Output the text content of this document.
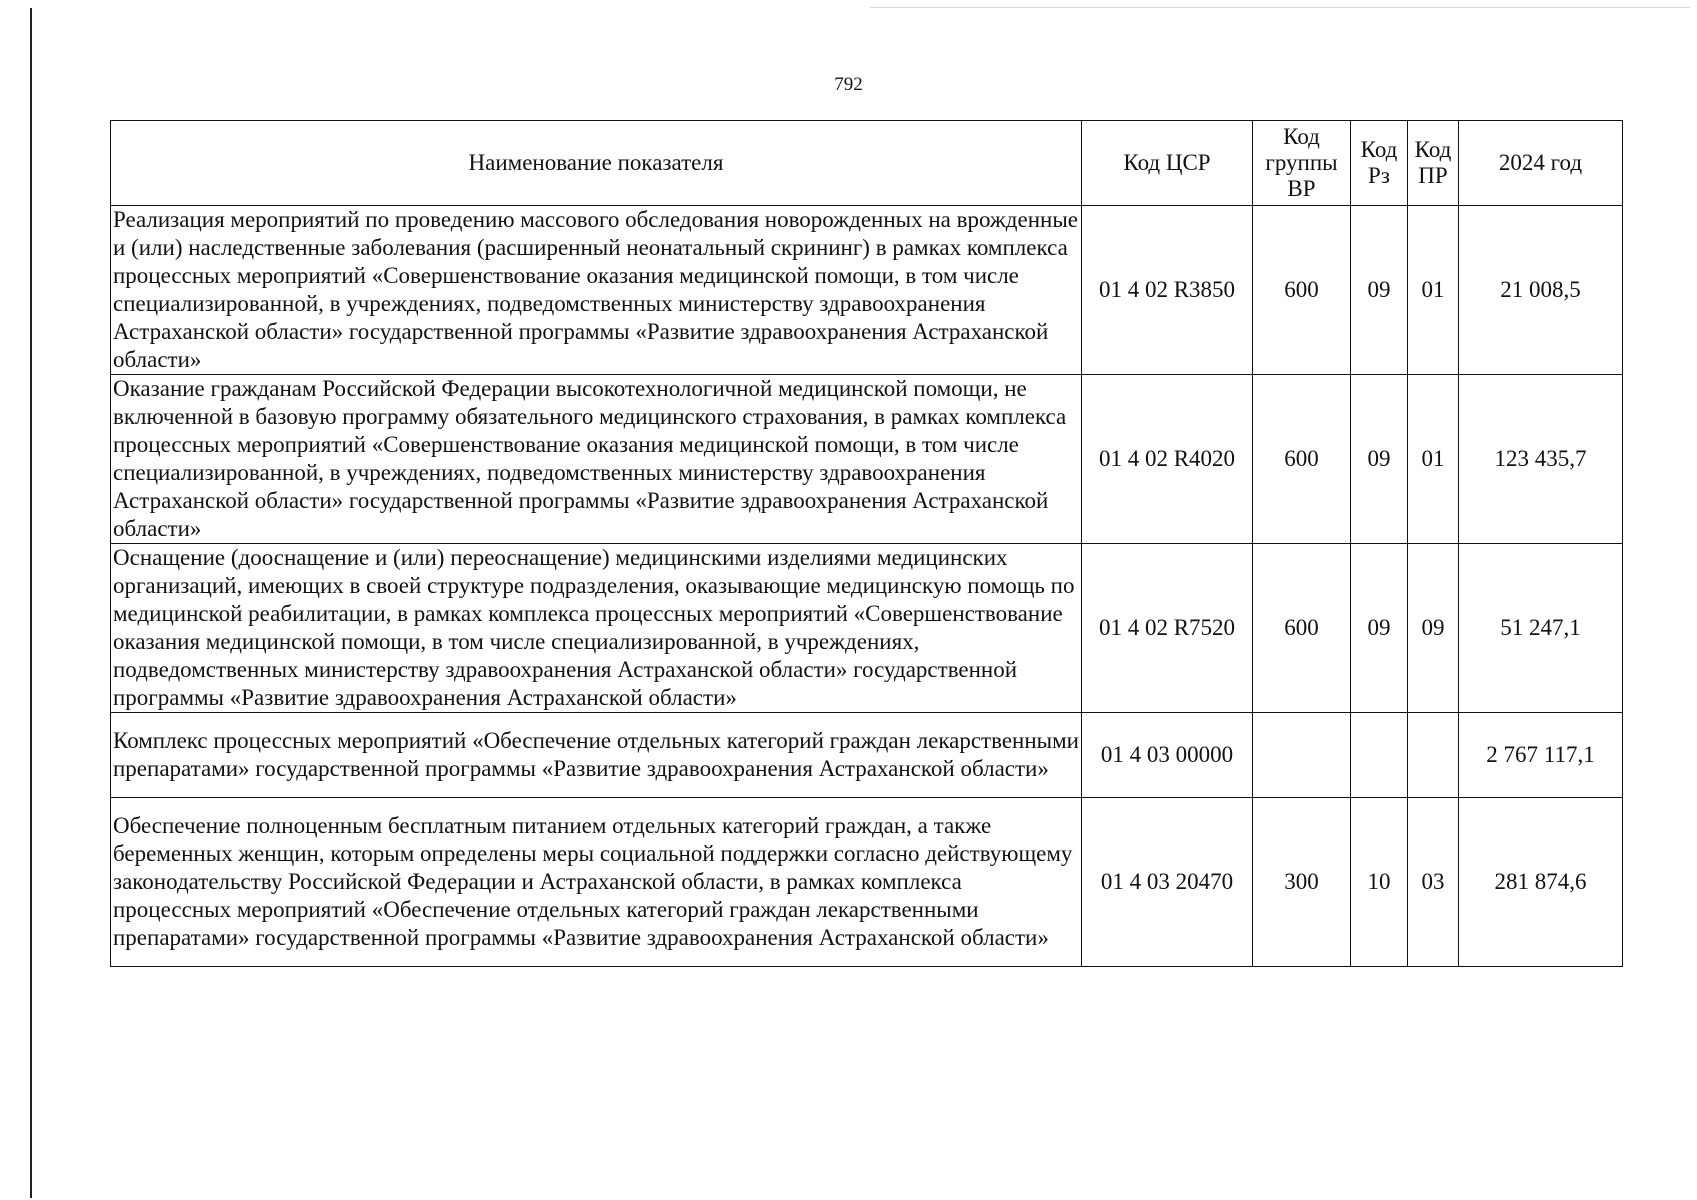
792
Наименование показателя	Код ЦСР	Код группы ВР	Код Рз	Код ПР	2024 год
Реализация мероприятий по проведению массового обследования новорожденных на врожденные и (или) наследственные заболевания (расширенный неонатальный скрининг) в рамках комплекса процессных мероприятий «Совершенствование оказания медицинской помощи, в том числе специализированной, в учреждениях, подведомственных министерству здравоохранения Астраханской области» государственной программы «Развитие здравоохранения Астраханской области»	01 4 02 R3850	600	09	01	21 008,5
Оказание гражданам Российской Федерации высокотехнологичной медицинской помощи, не включенной в базовую программу обязательного медицинского страхования, в рамках комплекса процессных мероприятий «Совершенствование оказания медицинской помощи, в том числе специализированной, в учреждениях, подведомственных министерству здравоохранения Астраханской области» государственной программы «Развитие здравоохранения Астраханской области»	01 4 02 R4020	600	09	01	123 435,7
Оснащение (дооснащение и (или) переоснащение) медицинскими изделиями медицинских организаций, имеющих в своей структуре подразделения, оказывающие медицинскую помощь по медицинской реабилитации, в рамках комплекса процессных мероприятий «Совершенствование оказания медицинской помощи, в том числе специализированной, в учреждениях, подведомственных министерству здравоохранения Астраханской области» государственной программы «Развитие здравоохранения Астраханской области»	01 4 02 R7520	600	09	09	51 247,1
Комплекс процессных мероприятий «Обеспечение отдельных категорий граждан лекарственными препаратами» государственной программы «Развитие здравоохранения Астраханской области»	01 4 03 00000				2 767 117,1
Обеспечение полноценным бесплатным питанием отдельных категорий граждан, а также беременных женщин, которым определены меры социальной поддержки согласно действующему законодательству Российской Федерации и Астраханской области, в рамках комплекса процессных мероприятий «Обеспечение отдельных категорий граждан лекарственными препаратами» государственной программы «Развитие здравоохранения Астраханской области»	01 4 03 20470	300	10	03	281 874,6
